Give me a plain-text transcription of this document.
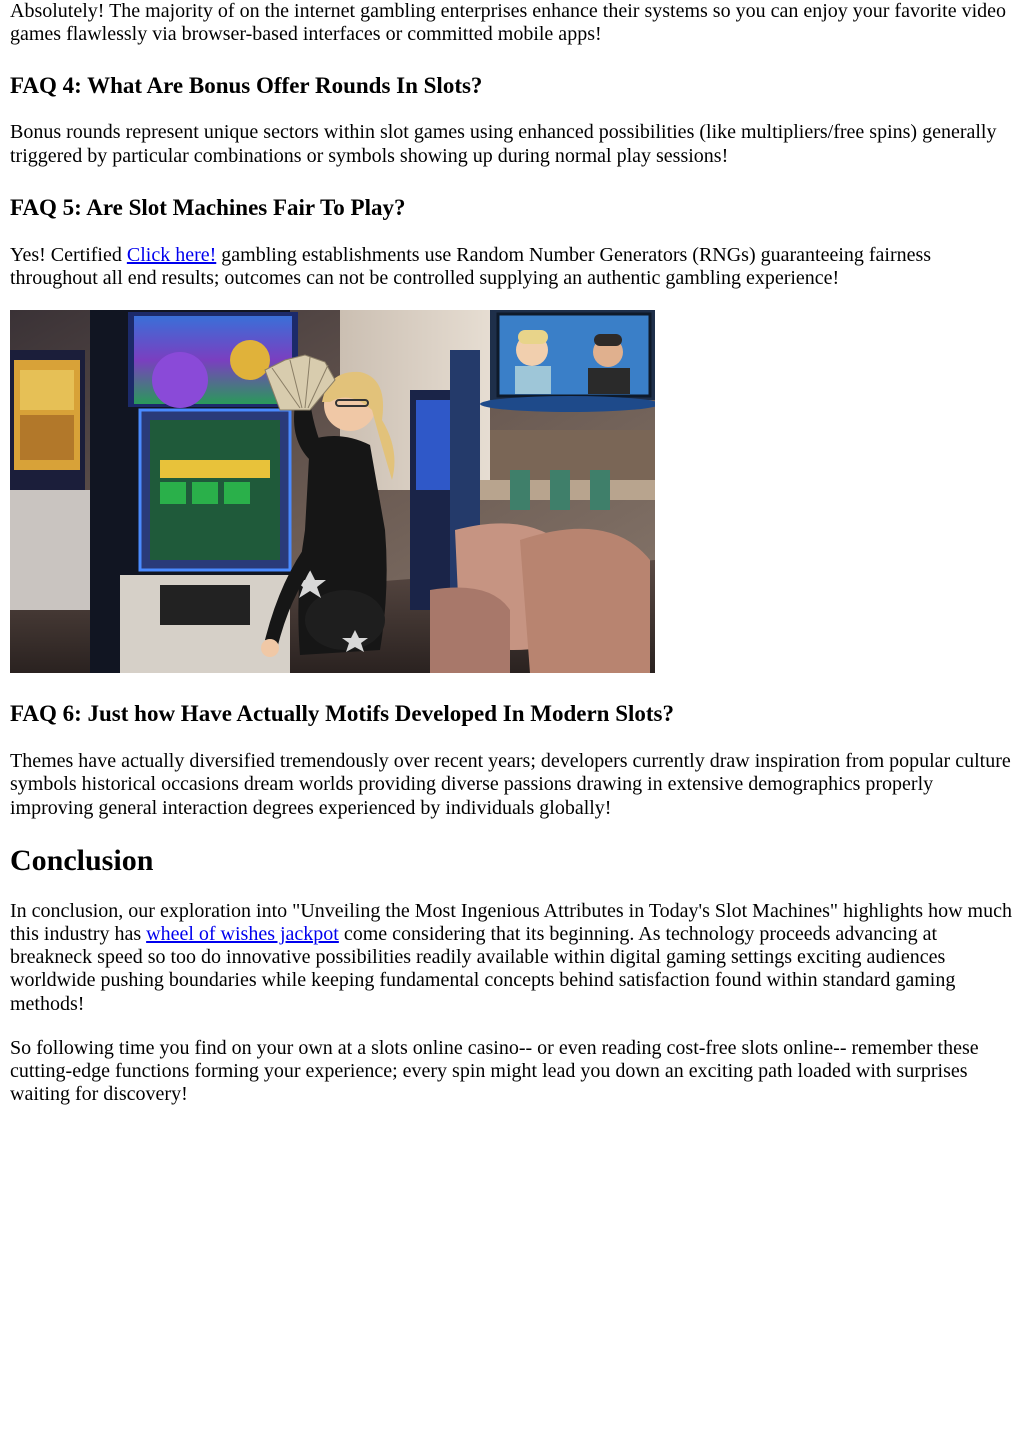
Absolutely! The majority of on the internet gambling enterprises enhance their systems so you can enjoy your favorite video games flawlessly via browser-based interfaces or committed mobile apps!

FAQ 4: What Are Bonus Offer Rounds In Slots?

Bonus rounds represent unique sectors within slot games using enhanced possibilities (like multipliers/free spins) generally triggered by particular combinations or symbols showing up during normal play sessions!

FAQ 5: Are Slot Machines Fair To Play?

Yes! Certified Click here! gambling establishments use Random Number Generators (RNGs) guaranteeing fairness throughout all end results; outcomes can not be controlled supplying an authentic gambling experience!

FAQ 6: Just how Have Actually Motifs Developed In Modern Slots?

Themes have actually diversified tremendously over recent years; developers currently draw inspiration from popular culture symbols historical occasions dream worlds providing diverse passions drawing in extensive demographics properly improving general interaction degrees experienced by individuals globally!

Conclusion

In conclusion, our exploration into "Unveiling the Most Ingenious Attributes in Today's Slot Machines" highlights how much this industry has wheel of wishes jackpot come considering that its beginning. As technology proceeds advancing at breakneck speed so too do innovative possibilities readily available within digital gaming settings exciting audiences worldwide pushing boundaries while keeping fundamental concepts behind satisfaction found within standard gaming methods!

So following time you find on your own at a slots online casino-- or even reading cost-free slots online-- remember these cutting-edge functions forming your experience; every spin might lead you down an exciting path loaded with surprises waiting for discovery!
